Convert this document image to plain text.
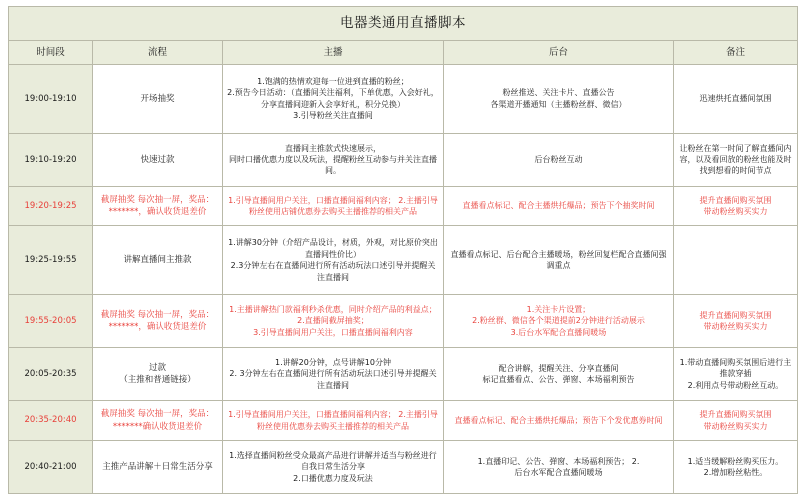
电器类通用直播脚本				
时间段	流程	主播	后台	备注

19:00-19:10	开场抽奖	1.饱满的热情欢迎每一位进到直播的粉丝；
2.预告今日活动：（直播间关注福利，下单优惠，入会好礼，分享直播间迎新入会享好礼，积分兑换）
3.引导粉丝关注直播间	粉丝推送、关注卡片、直播公告
各渠道开播通知（主播粉丝群、微信）	迅速烘托直播间氛围

19:10-19:20	快速过款	直播间主推款式快速展示，
同时口播优惠力度以及玩法，提醒粉丝互动参与并关注直播间。	后台粉丝互动	让粉丝在第一时间了解直播间内容，以及看回放的粉丝也能及时找到想看的时间节点

19:20-19:25	截屏抽奖 每次抽一屏，奖品：*******，确认收货退差价	1.引导直播间用户关注，口播直播间福利内容； 2.主播引导粉丝使用店铺优惠券去购买主播推荐的相关产品	直播看点标记、配合主播烘托爆品；预告下个抽奖时间	提升直播间购买氛围
带动粉丝购买实力

19:25-19:55	讲解直播间主推款	1.讲解30分钟（介绍产品设计，材质，外观，对比原价突出直播间性价比）
2.3分钟左右在直播间进行所有活动玩法口述引导并提醒关注直播间	直播看点标记、后台配合主播暖场，粉丝回复栏配合直播间强调重点	

19:55-20:05	截屏抽奖 每次抽一屏，奖品：*******，确认收货退差价	1.主播讲解热门款福利秒杀优惠，同时介绍产品的利益点；
2.直播间截屏抽奖；
3.引导直播间用户关注，口播直播间福利内容	1.关注卡片设置；
2.粉丝群、微信各个渠道提前2分钟进行活动展示
3.后台水军配合直播间暖场	提升直播间购买氛围
带动粉丝购买实力

20:05-20:35	过款
（主推和普通链接）	1.讲解20分钟，点号讲解10分钟
2. 3分钟左右在直播间进行所有活动玩法口述引导并提醒关注直播间	配合讲解，提醒关注、分享直播间
标记直播看点、公告、弹窗、本场福利预告	1.带动直播间购买氛围后进行主推款穿插
2.利用点号带动粉丝互动。

20:35-20:40	截屏抽奖 每次抽一屏，奖品：*******确认收货退差价	1.引导直播间用户关注，口播直播间福利内容； 2.主播引导粉丝使用优惠券去购买主播推荐的相关产品	直播看点标记、配合主播烘托爆品；预告下个发优惠券时间	提升直播间购买氛围
带动粉丝购买实力

20:40-21:00	主推产品讲解＋日常生活分享	1.选择直播间粉丝受众最高产品进行讲解并适当与粉丝进行自我日常生活分享
2.口播优惠力度及玩法	1.直播印记、公告、弹窗、本场福利预告； 2.
后台水军配合直播间暖场	1.适当缓解粉丝购买压力。
2.增加粉丝粘性。
